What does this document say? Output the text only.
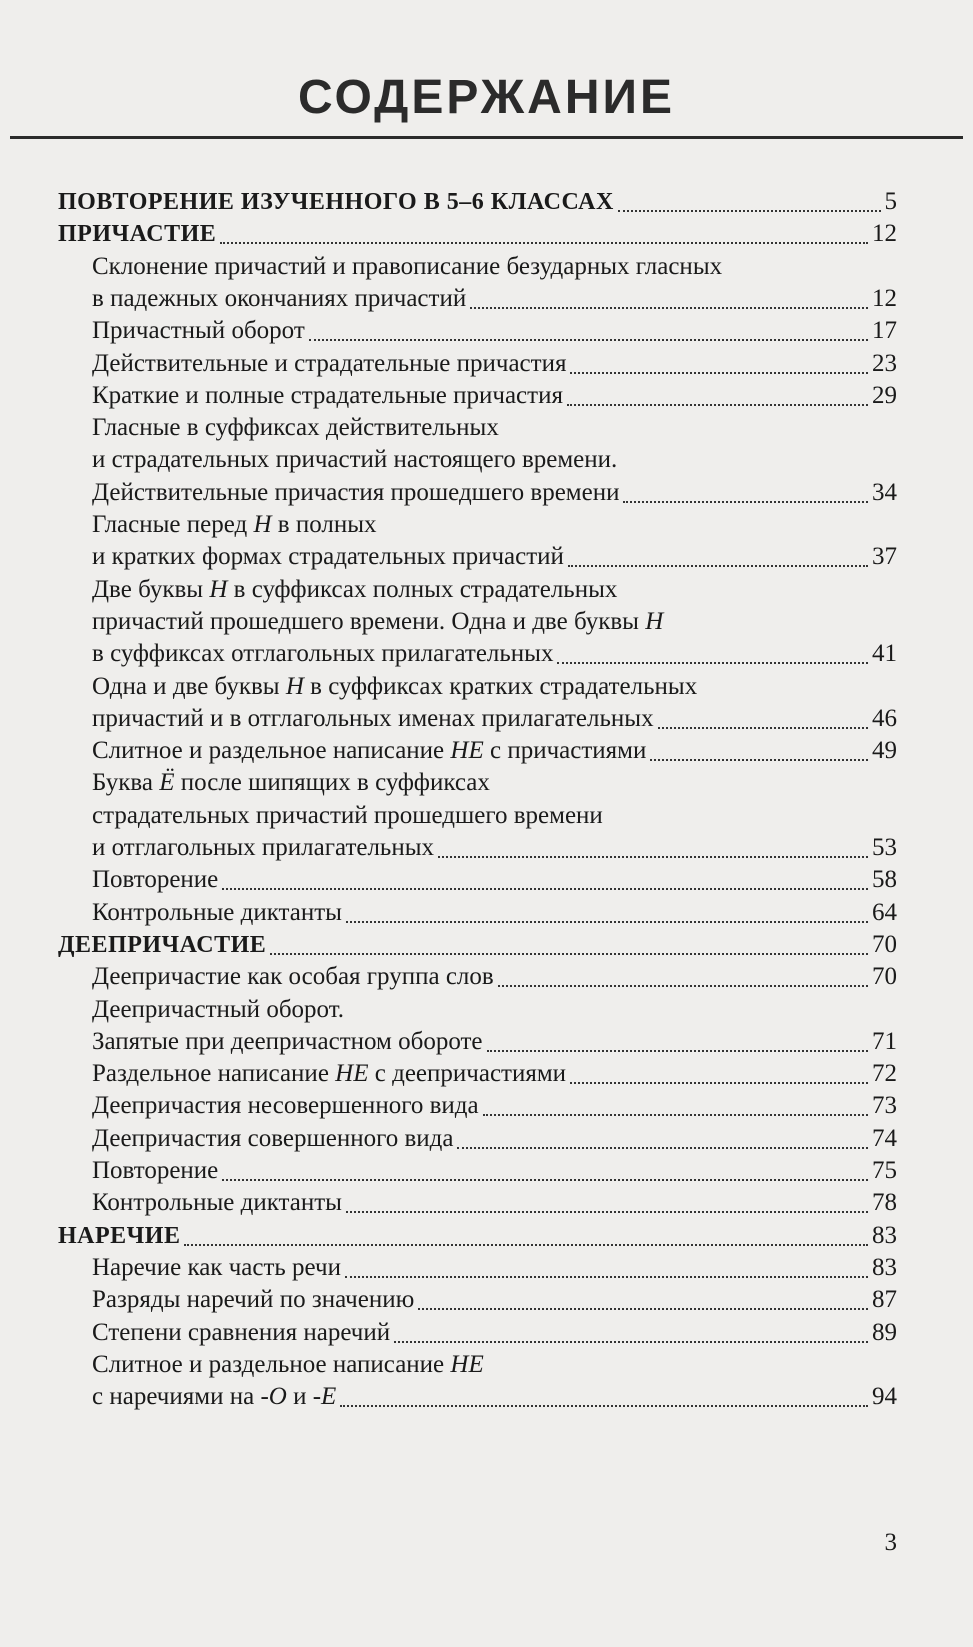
СОДЕРЖАНИЕ
ПОВТОРЕНИЕ ИЗУЧЕННОГО В 5–6 КЛАССАХ	5
ПРИЧАСТИЕ	12
Склонение причастий и правописание безударных гласных
в падежных окончаниях причастий	12
Причастный оборот	17
Действительные и страдательные причастия	23
Краткие и полные страдательные причастия	29
Гласные в суффиксах действительных
и страдательных причастий настоящего времени.
Действительные причастия прошедшего времени	34
Гласные перед Н в полных
и кратких формах страдательных причастий	37
Две буквы Н в суффиксах полных страдательных
причастий прошедшего времени. Одна и две буквы Н
в суффиксах отглагольных прилагательных	41
Одна и две буквы Н в суффиксах кратких страдательных
причастий и в отглагольных именах прилагательных	46
Слитное и раздельное написание НЕ с причастиями	49
Буква Ё после шипящих в суффиксах
страдательных причастий прошедшего времени
и отглагольных прилагательных	53
Повторение	58
Контрольные диктанты	64
ДЕЕПРИЧАСТИЕ	70
Деепричастие как особая группа слов	70
Деепричастный оборот.
Запятые при деепричастном обороте	71
Раздельное написание НЕ с деепричастиями	72
Деепричастия несовершенного вида	73
Деепричастия совершенного вида	74
Повторение	75
Контрольные диктанты	78
НАРЕЧИЕ	83
Наречие как часть речи	83
Разряды наречий по значению	87
Степени сравнения наречий	89
Слитное и раздельное написание НЕ
с наречиями на -О и -Е	94
3
